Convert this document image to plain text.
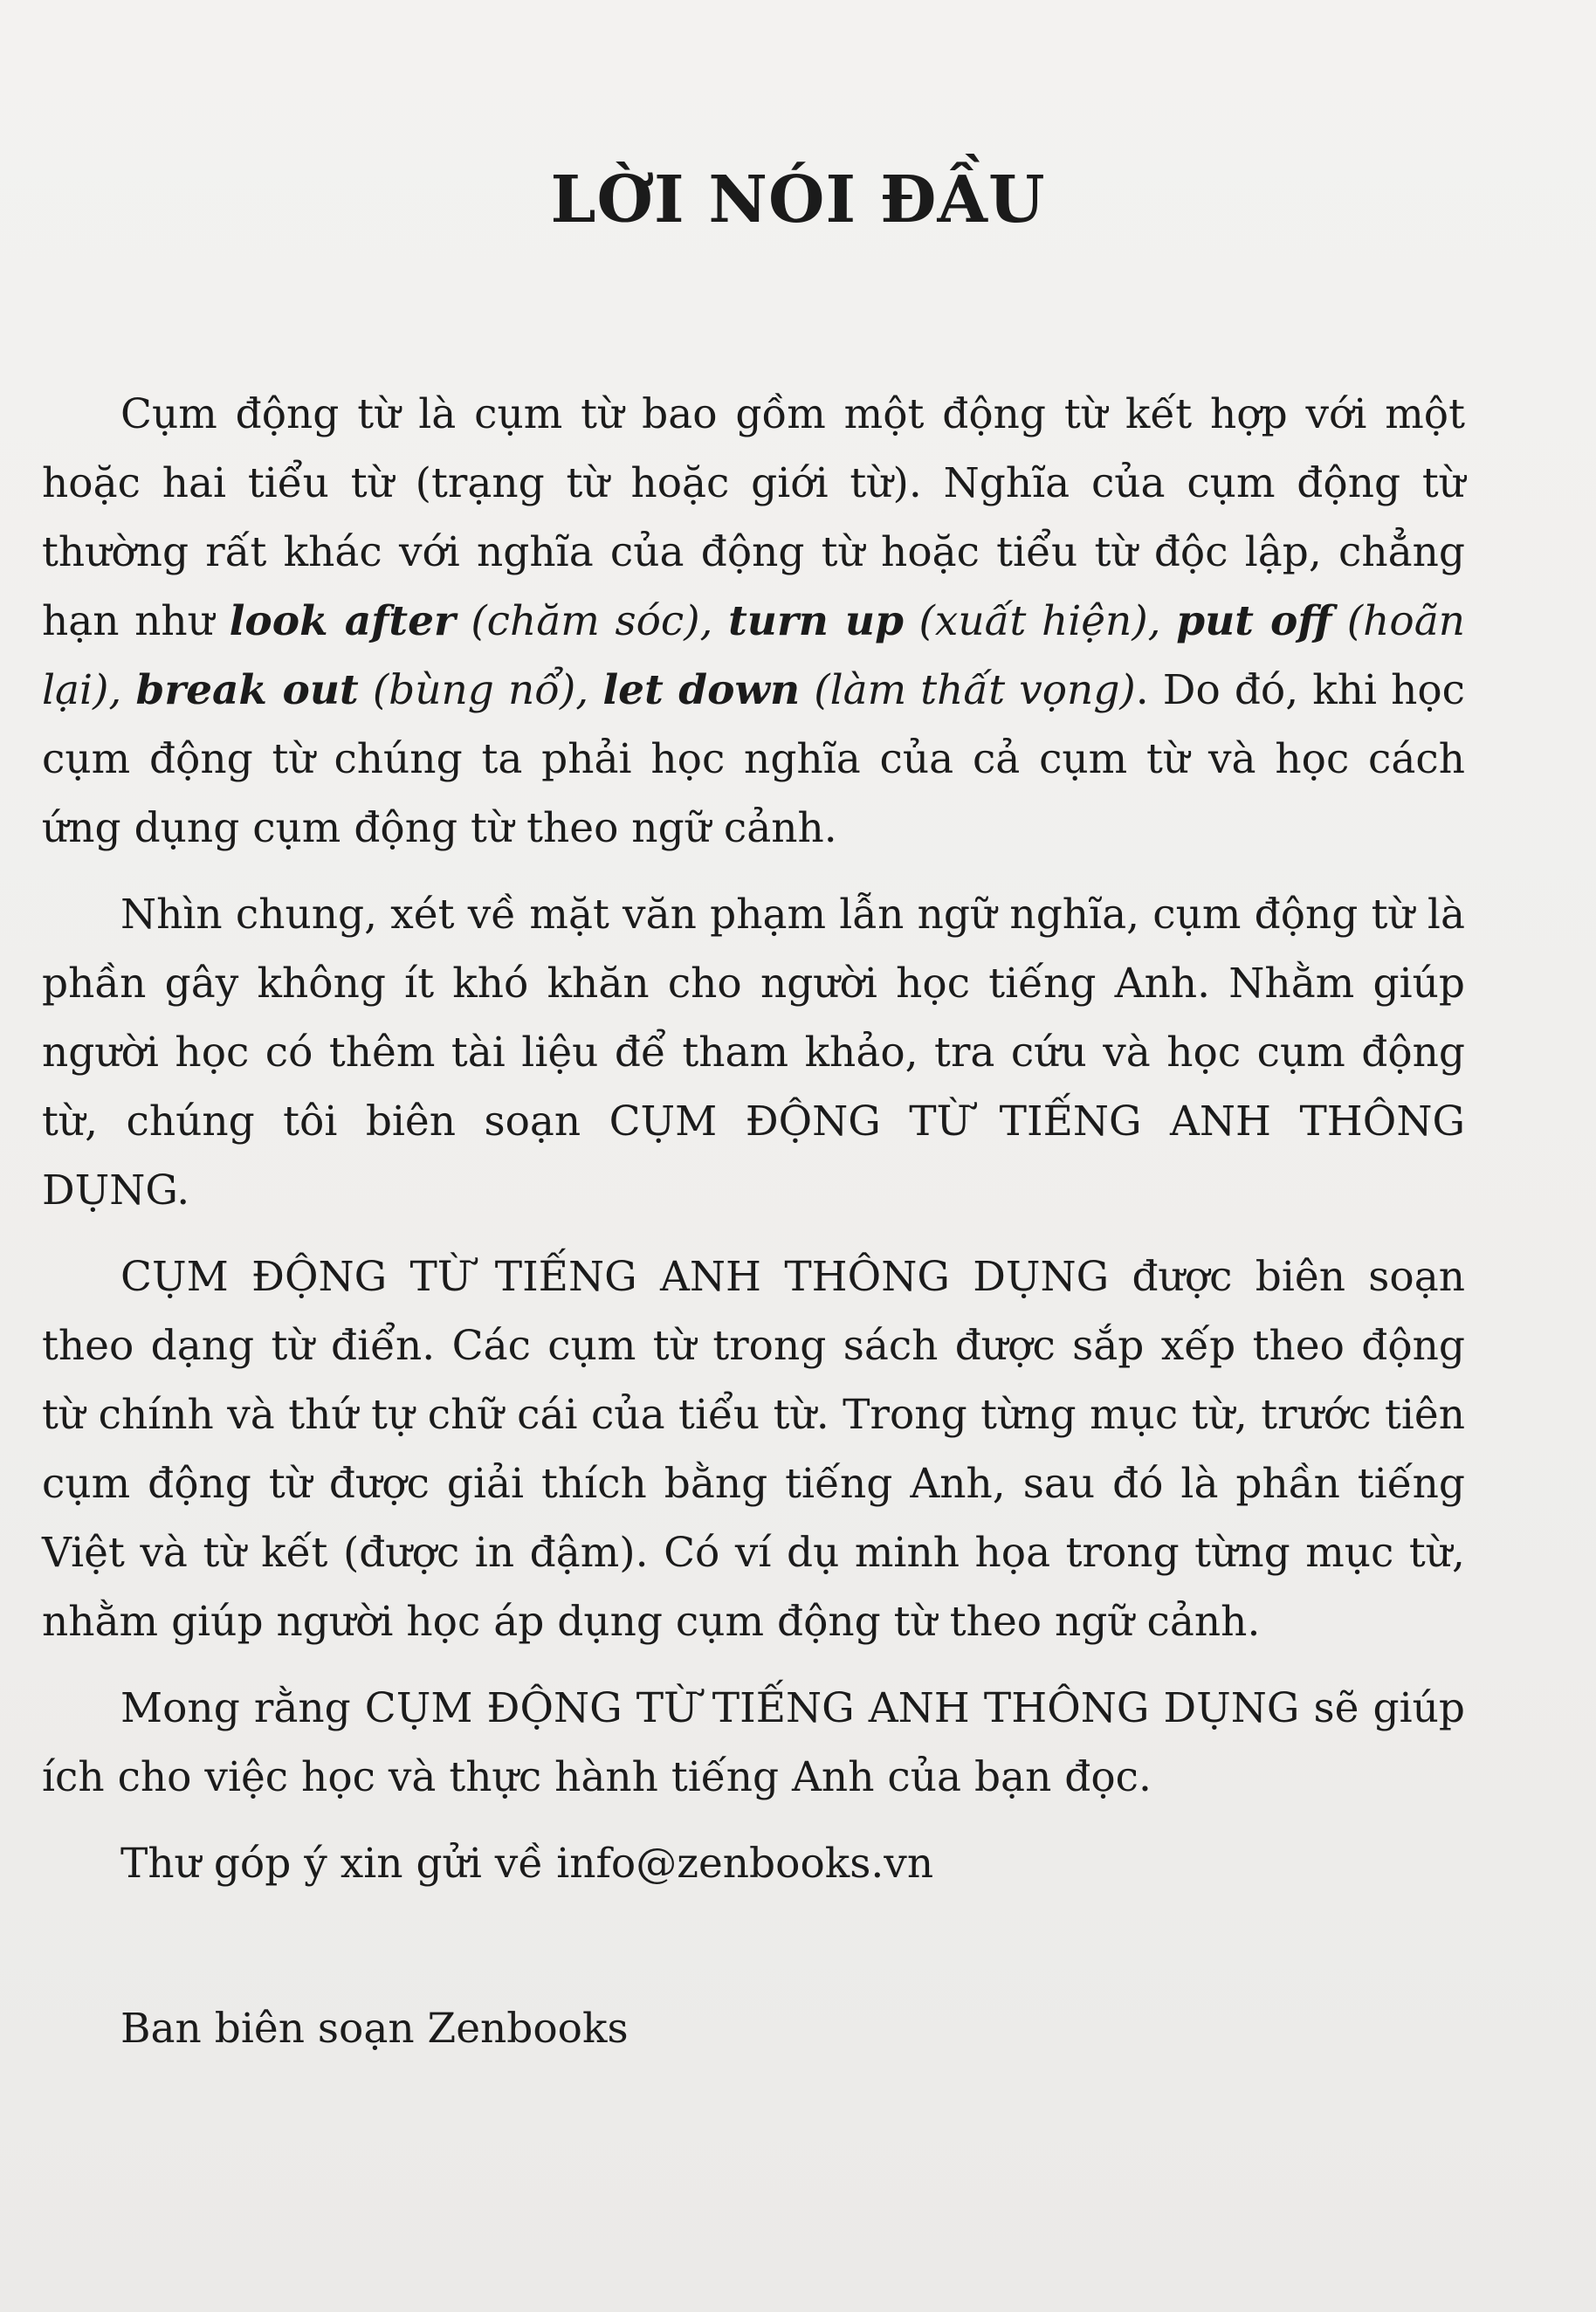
LỜI NÓI ĐẦU

Cụm động từ là cụm từ bao gồm một động từ kết hợp với một hoặc hai tiểu từ (trạng từ hoặc giới từ). Nghĩa của cụm động từ thường rất khác với nghĩa của động từ hoặc tiểu từ độc lập, chẳng hạn như look after (chăm sóc), turn up (xuất hiện), put off (hoãn lại), break out (bùng nổ), let down (làm thất vọng). Do đó, khi học cụm động từ chúng ta phải học nghĩa của cả cụm từ và học cách ứng dụng cụm động từ theo ngữ cảnh.

Nhìn chung, xét về mặt văn phạm lẫn ngữ nghĩa, cụm động từ là phần gây không ít khó khăn cho người học tiếng Anh. Nhằm giúp người học có thêm tài liệu để tham khảo, tra cứu và học cụm động từ, chúng tôi biên soạn CỤM ĐỘNG TỪ TIẾNG ANH THÔNG DỤNG.

CỤM ĐỘNG TỪ TIẾNG ANH THÔNG DỤNG được biên soạn theo dạng từ điển. Các cụm từ trong sách được sắp xếp theo động từ chính và thứ tự chữ cái của tiểu từ. Trong từng mục từ, trước tiên cụm động từ được giải thích bằng tiếng Anh, sau đó là phần tiếng Việt và từ kết (được in đậm). Có ví dụ minh họa trong từng mục từ, nhằm giúp người học áp dụng cụm động từ theo ngữ cảnh.

Mong rằng CỤM ĐỘNG TỪ TIẾNG ANH THÔNG DỤNG sẽ giúp ích cho việc học và thực hành tiếng Anh của bạn đọc.

Thư góp ý xin gửi về info@zenbooks.vn

Ban biên soạn Zenbooks
